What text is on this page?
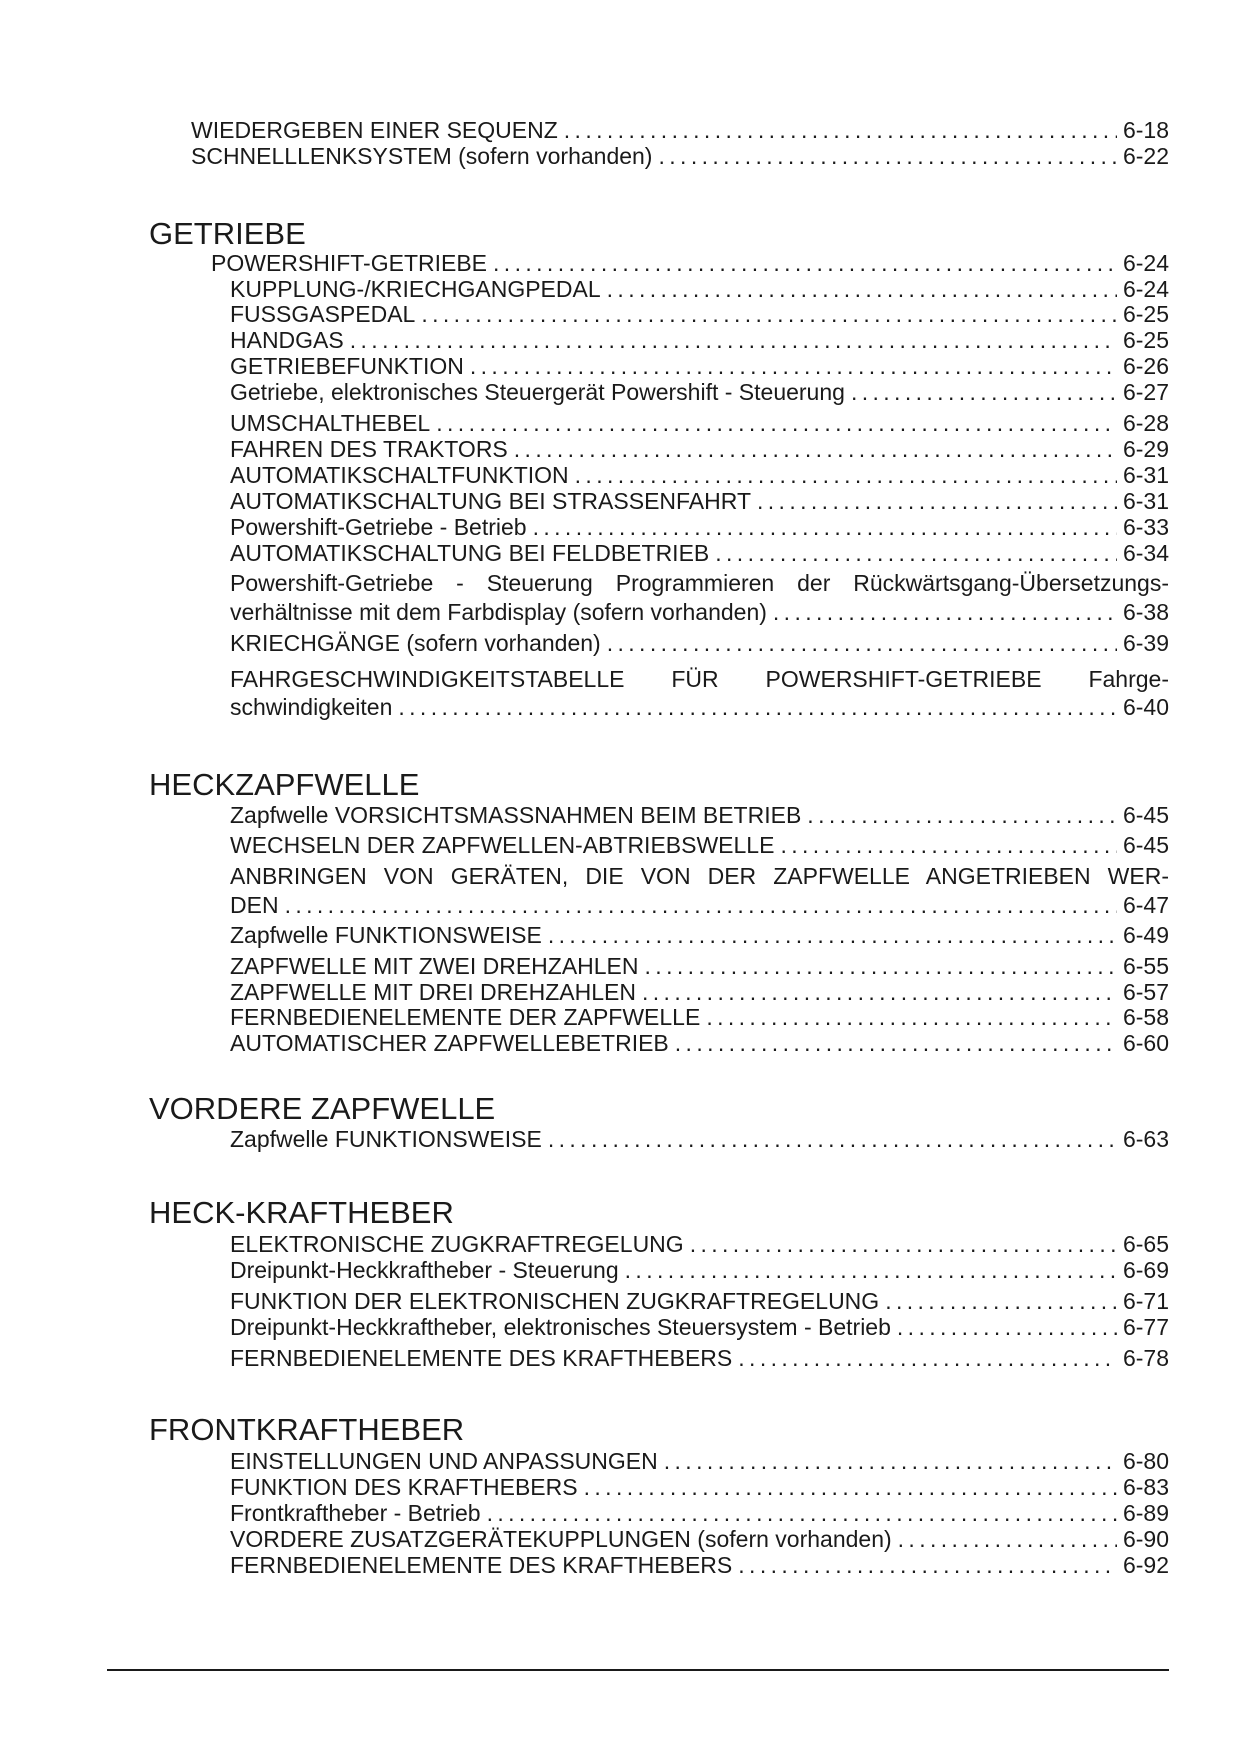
WIEDERGEBEN EINER SEQUENZ . . .	6-18
SCHNELLLENKSYSTEM (sofern vorhanden) . . .	6-22
GETRIEBE
POWERSHIFT-GETRIEBE . . .	6-24
KUPPLUNG-/KRIECHGANGPEDAL . . .	6-24
FUSSGASPEDAL . . .	6-25
HANDGAS . . .	6-25
GETRIEBEFUNKTION . . .	6-26
Getriebe, elektronisches Steuergerät Powershift - Steuerung . . .	6-27
UMSCHALTHEBEL . . .	6-28
FAHREN DES TRAKTORS . . .	6-29
AUTOMATIKSCHALTFUNKTION . . .	6-31
AUTOMATIKSCHALTUNG BEI STRASSENFAHRT . . .	6-31
Powershift-Getriebe - Betrieb . . .	6-33
AUTOMATIKSCHALTUNG BEI FELDBETRIEB . . .	6-34
Powershift-Getriebe - Steuerung Programmieren der Rückwärtsgang-Übersetzungs-
verhältnisse mit dem Farbdisplay (sofern vorhanden) . . .	6-38
KRIECHGÄNGE (sofern vorhanden) . . .	6-39
FAHRGESCHWINDIGKEITSTABELLE FÜR POWERSHIFT-GETRIEBE Fahrge-
schwindigkeiten . . .	6-40
HECKZAPFWELLE
Zapfwelle VORSICHTSMASSNAHMEN BEIM BETRIEB . . .	6-45
WECHSELN DER ZAPFWELLEN-ABTRIEBSWELLE . . .	6-45
ANBRINGEN VON GERÄTEN, DIE VON DER ZAPFWELLE ANGETRIEBEN WER-
DEN . . .	6-47
Zapfwelle FUNKTIONSWEISE . . .	6-49
ZAPFWELLE MIT ZWEI DREHZAHLEN . . .	6-55
ZAPFWELLE MIT DREI DREHZAHLEN . . .	6-57
FERNBEDIENELEMENTE DER ZAPFWELLE . . .	6-58
AUTOMATISCHER ZAPFWELLEBETRIEB . . .	6-60
VORDERE ZAPFWELLE
Zapfwelle FUNKTIONSWEISE . . .	6-63
HECK-KRAFTHEBER
ELEKTRONISCHE ZUGKRAFTREGELUNG . . .	6-65
Dreipunkt-Heckkraftheber - Steuerung . . .	6-69
FUNKTION DER ELEKTRONISCHEN ZUGKRAFTREGELUNG . . .	6-71
Dreipunkt-Heckkraftheber, elektronisches Steuersystem - Betrieb . . .	6-77
FERNBEDIENELEMENTE DES KRAFTHEBERS . . .	6-78
FRONTKRAFTHEBER
EINSTELLUNGEN UND ANPASSUNGEN . . .	6-80
FUNKTION DES KRAFTHEBERS . . .	6-83
Frontkraftheber - Betrieb . . .	6-89
VORDERE ZUSATZGERÄTEKUPPLUNGEN (sofern vorhanden) . . .	6-90
FERNBEDIENELEMENTE DES KRAFTHEBERS . . .	6-92
